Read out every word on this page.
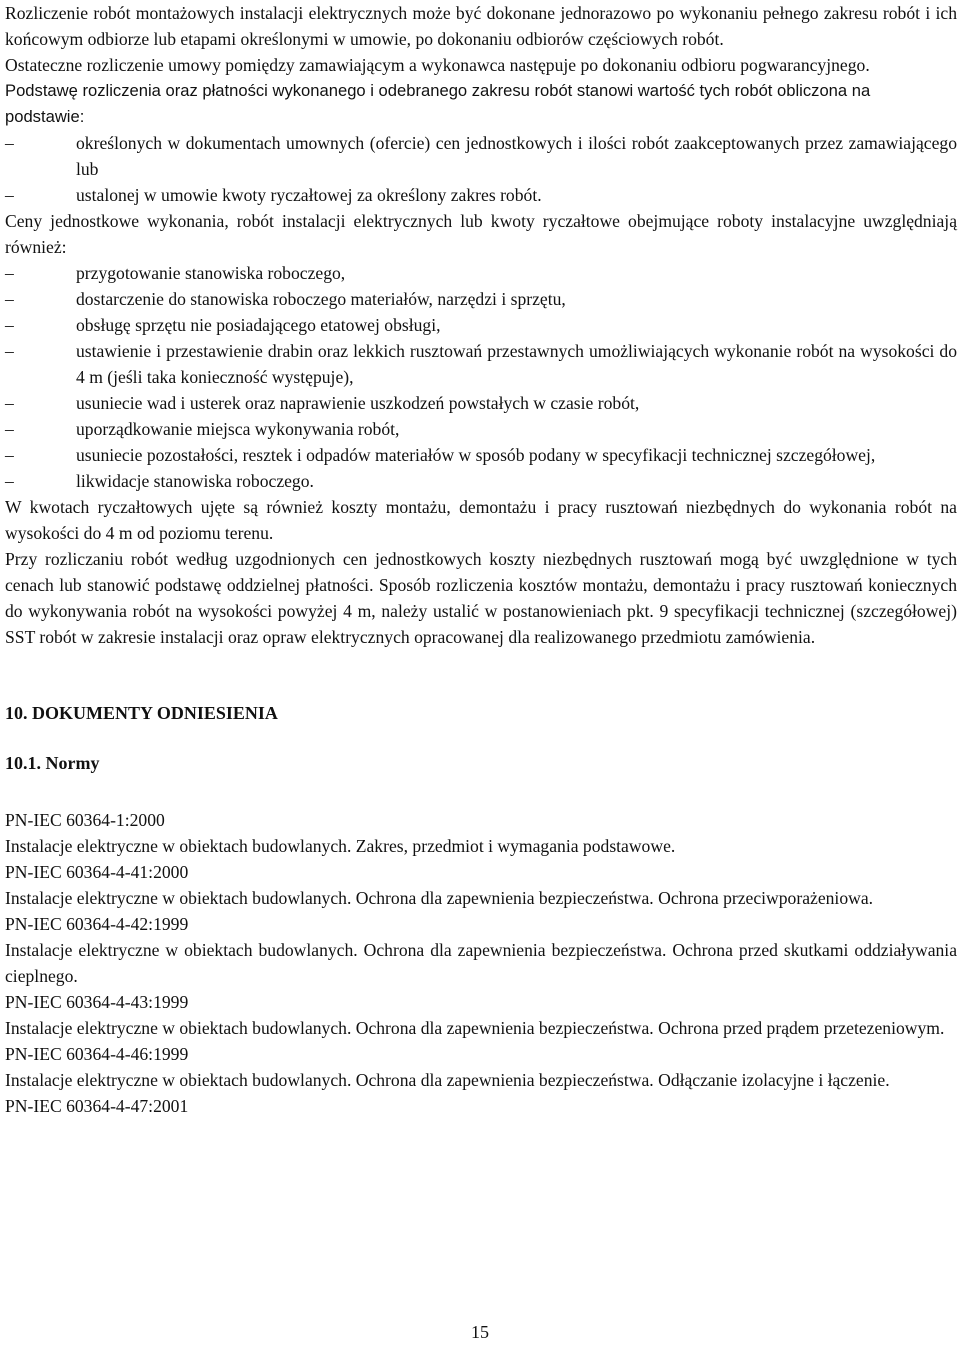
Rozliczenie robót montażowych instalacji elektrycznych może być dokonane jednorazowo po wykonaniu pełnego zakresu robót i ich końcowym odbiorze lub etapami określonymi w umowie, po dokonaniu odbiorów częściowych robót.

Ostateczne rozliczenie umowy pomiędzy zamawiającym a wykonawca następuje po dokonaniu odbioru pogwarancyjnego.

Podstawę rozliczenia oraz płatności wykonanego i odebranego zakresu robót stanowi wartość tych robót obliczona na

podstawie:

–	określonych w dokumentach umownych (ofercie) cen jednostkowych i ilości robót zaakceptowanych przez zamawiającego lub
–	ustalonej w umowie kwoty ryczałtowej za określony zakres robót.

Ceny jednostkowe wykonania, robót instalacji elektrycznych lub kwoty ryczałtowe obejmujące roboty instalacyjne uwzględniają również:

–	przygotowanie stanowiska roboczego,
–	dostarczenie do stanowiska roboczego materiałów, narzędzi i sprzętu,
–	obsługę sprzętu nie posiadającego etatowej obsługi,
–	ustawienie i przestawienie drabin oraz lekkich rusztowań przestawnych umożliwiających wykonanie robót na wysokości do 4 m (jeśli taka konieczność występuje),
–	usuniecie wad i usterek oraz naprawienie uszkodzeń powstałych w czasie robót,
–	uporządkowanie miejsca wykonywania robót,
–	usuniecie pozostałości, resztek i odpadów materiałów w sposób podany w specyfikacji technicznej szczegółowej,
–	likwidacje stanowiska roboczego.

W kwotach ryczałtowych ujęte są również koszty montażu, demontażu i pracy rusztowań niezbędnych do wykonania robót na wysokości do 4 m od poziomu terenu.

Przy rozliczaniu robót według uzgodnionych cen jednostkowych koszty niezbędnych rusztowań mogą być uwzględnione w tych cenach lub stanowić podstawę oddzielnej płatności. Sposób rozliczenia kosztów montażu, demontażu i pracy rusztowań koniecznych do wykonywania robót na wysokości powyżej 4 m, należy ustalić w postanowieniach pkt. 9 specyfikacji technicznej (szczegółowej) SST robót w zakresie instalacji oraz opraw elektrycznych opracowanej dla realizowanego przedmiotu zamówienia.

10. DOKUMENTY ODNIESIENIA
10.1. Normy

PN-IEC 60364-1:2000

Instalacje elektryczne w obiektach budowlanych. Zakres, przedmiot i wymagania podstawowe.

PN-IEC 60364-4-41:2000

Instalacje elektryczne w obiektach budowlanych. Ochrona dla zapewnienia bezpieczeństwa. Ochrona przeciwporażeniowa.

PN-IEC 60364-4-42:1999

Instalacje elektryczne w obiektach budowlanych. Ochrona dla zapewnienia bezpieczeństwa. Ochrona przed skutkami oddziaływania cieplnego.

PN-IEC 60364-4-43:1999

Instalacje elektryczne w obiektach budowlanych. Ochrona dla zapewnienia bezpieczeństwa. Ochrona przed prądem przetezeniowym.

PN-IEC 60364-4-46:1999

Instalacje elektryczne w obiektach budowlanych. Ochrona dla zapewnienia bezpieczeństwa. Odłączanie izolacyjne i łączenie.

PN-IEC 60364-4-47:2001

15
